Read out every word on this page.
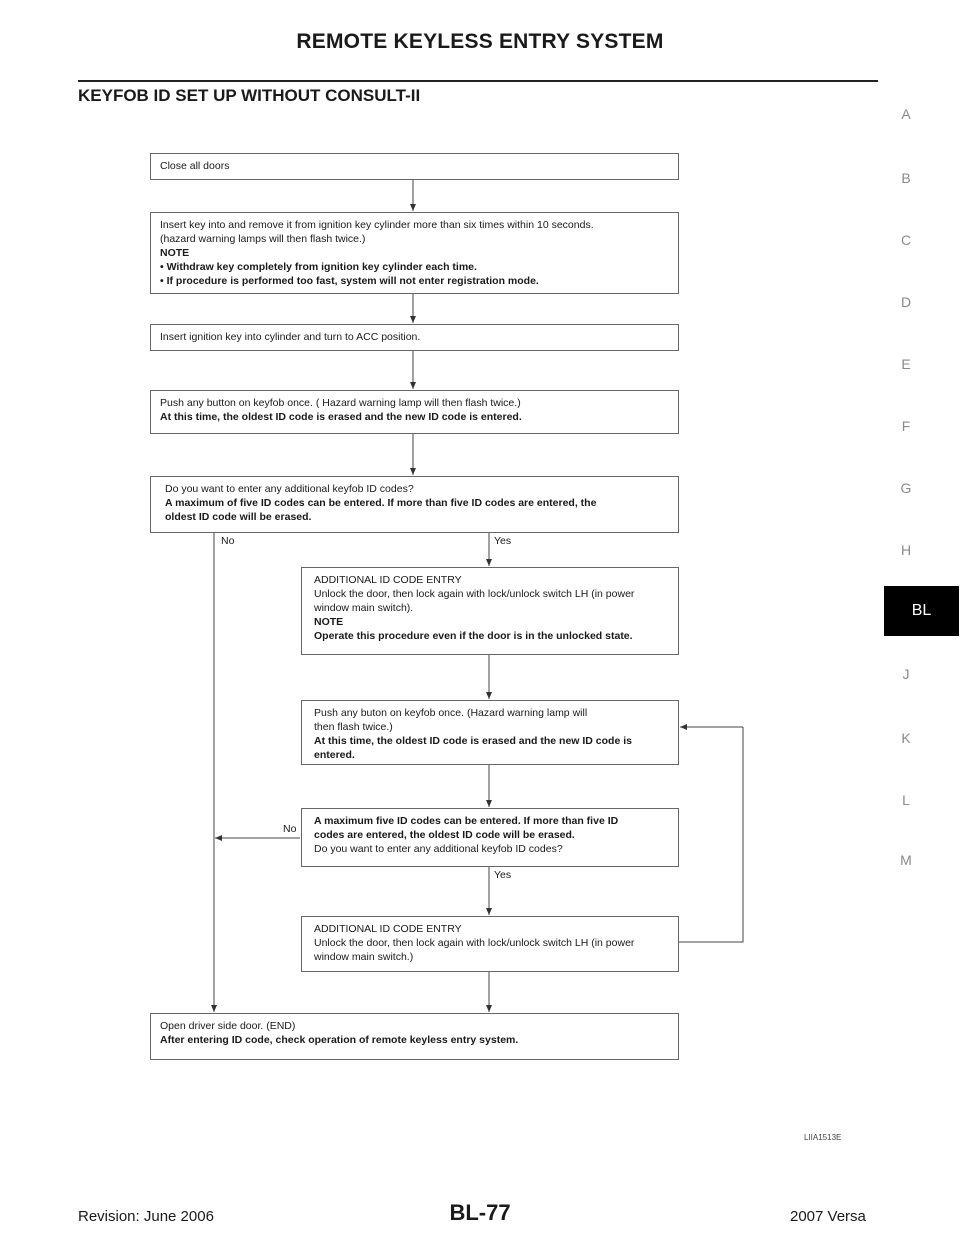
REMOTE KEYLESS ENTRY SYSTEM
KEYFOB ID SET UP WITHOUT CONSULT-II
A
B
C
D
E
F
G
H
BL
J
K
L
M
Close all doors
Insert key into and remove it from ignition key cylinder more than six times within 10 seconds.
(hazard warning lamps will then flash twice.)
NOTE
• Withdraw key completely from ignition key cylinder each time.
• If procedure is performed too fast, system will not enter registration mode.
Insert ignition key into cylinder and turn to ACC position.
Push any button on keyfob once. ( Hazard warning lamp will then flash twice.)
At this time, the oldest ID code is erased and the new ID code is entered.
Do you want to enter any additional keyfob ID codes?
A maximum of five ID codes can be entered. If more than five ID codes are entered, the
oldest ID code will be erased.
No	Yes
ADDITIONAL ID CODE ENTRY
Unlock the door, then lock again with lock/unlock switch LH (in power
window main switch).
NOTE
Operate this procedure even if the door is in the unlocked state.
Push any buton on keyfob once. (Hazard warning lamp will
then flash twice.)
At this time, the oldest ID code is erased and the new ID code is
entered.
No
A maximum five ID codes can be entered. If more than five ID
codes are entered, the oldest ID code will be erased.
Do you want to enter any additional keyfob ID codes?
Yes
ADDITIONAL ID CODE ENTRY
Unlock the door, then lock again with lock/unlock switch LH (in power
window main switch.)
Open driver side door. (END)
After entering ID code, check operation of remote keyless entry system.
LIIA1513E
Revision: June 2006	BL-77	2007 Versa
